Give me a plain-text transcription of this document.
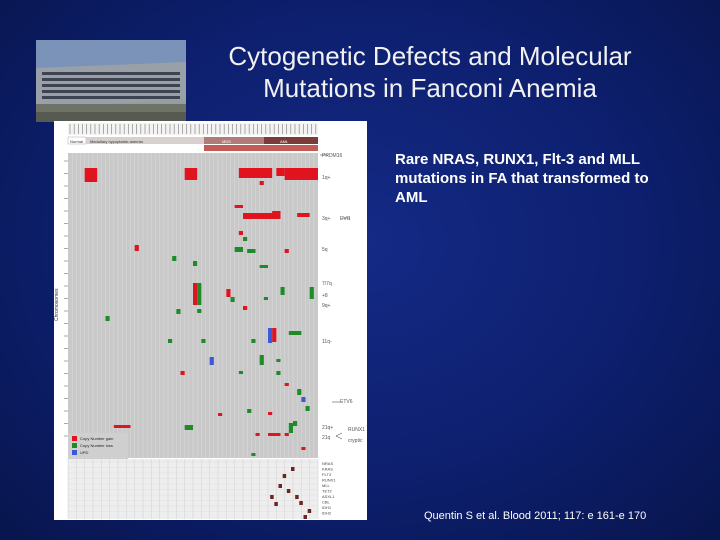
Cytogenetic Defects and Molecular
Mutations in Fanconi Anemia
Normal Medullary hypoplastic anemia	MDS	AML
Chromosomes
PRDM16
1q+
3q+ EVI1
5q
7/7q
+8
9q+
11q-
ETV6
21q+
21q
RUNX1
cryptic
Copy Number gain
Copy Number loss
UPD
NRAS
KRAS
FLT3
RUNX1
MLL
TET2
ASXL1
CBL
IDH1
IDH2
Rare NRAS, RUNX1, Flt-3 and MLL mutations in FA that transformed to AML
Quentin S et al. Blood 2011; 117: e 161-e 170
